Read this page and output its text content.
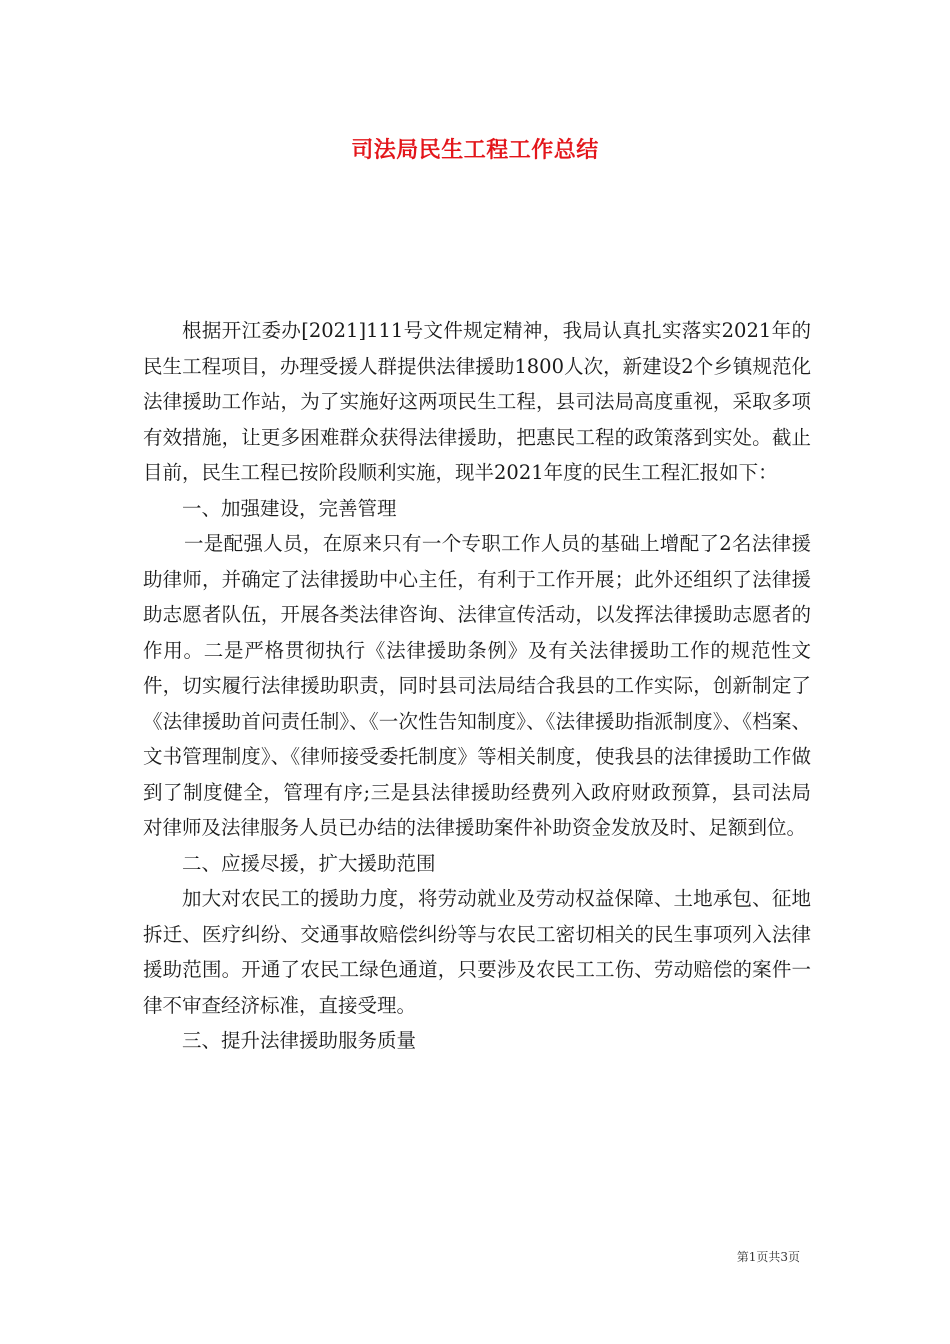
司法局民生工程工作总结

根据开江委办[2021]111号文件规定精神，我局认真扎实落实2021年的民生工程项目，办理受援人群提供法律援助1800人次，新建设2个乡镇规范化法律援助工作站，为了实施好这两项民生工程，县司法局高度重视，采取多项有效措施，让更多困难群众获得法律援助，把惠民工程的政策落到实处。截止目前，民生工程已按阶段顺利实施，现半2021年度的民生工程汇报如下：

一、加强建设，完善管理

一是配强人员，在原来只有一个专职工作人员的基础上增配了2名法律援助律师，并确定了法律援助中心主任，有利于工作开展；此外还组织了法律援助志愿者队伍，开展各类法律咨询、法律宣传活动，以发挥法律援助志愿者的作用。二是严格贯彻执行《法律援助条例》及有关法律援助工作的规范性文件，切实履行法律援助职责，同时县司法局结合我县的工作实际，创新制定了《法律援助首问责任制》、《一次性告知制度》、《法律援助指派制度》、《档案、文书管理制度》、《律师接受委托制度》等相关制度，使我县的法律援助工作做到了制度健全，管理有序;三是县法律援助经费列入政府财政预算，县司法局对律师及法律服务人员已办结的法律援助案件补助资金发放及时、足额到位。

二、应援尽援，扩大援助范围

加大对农民工的援助力度，将劳动就业及劳动权益保障、土地承包、征地拆迁、医疗纠纷、交通事故赔偿纠纷等与农民工密切相关的民生事项列入法律援助范围。开通了农民工绿色通道，只要涉及农民工工伤、劳动赔偿的案件一律不审查经济标准，直接受理。

三、提升法律援助服务质量

第1页共3页
